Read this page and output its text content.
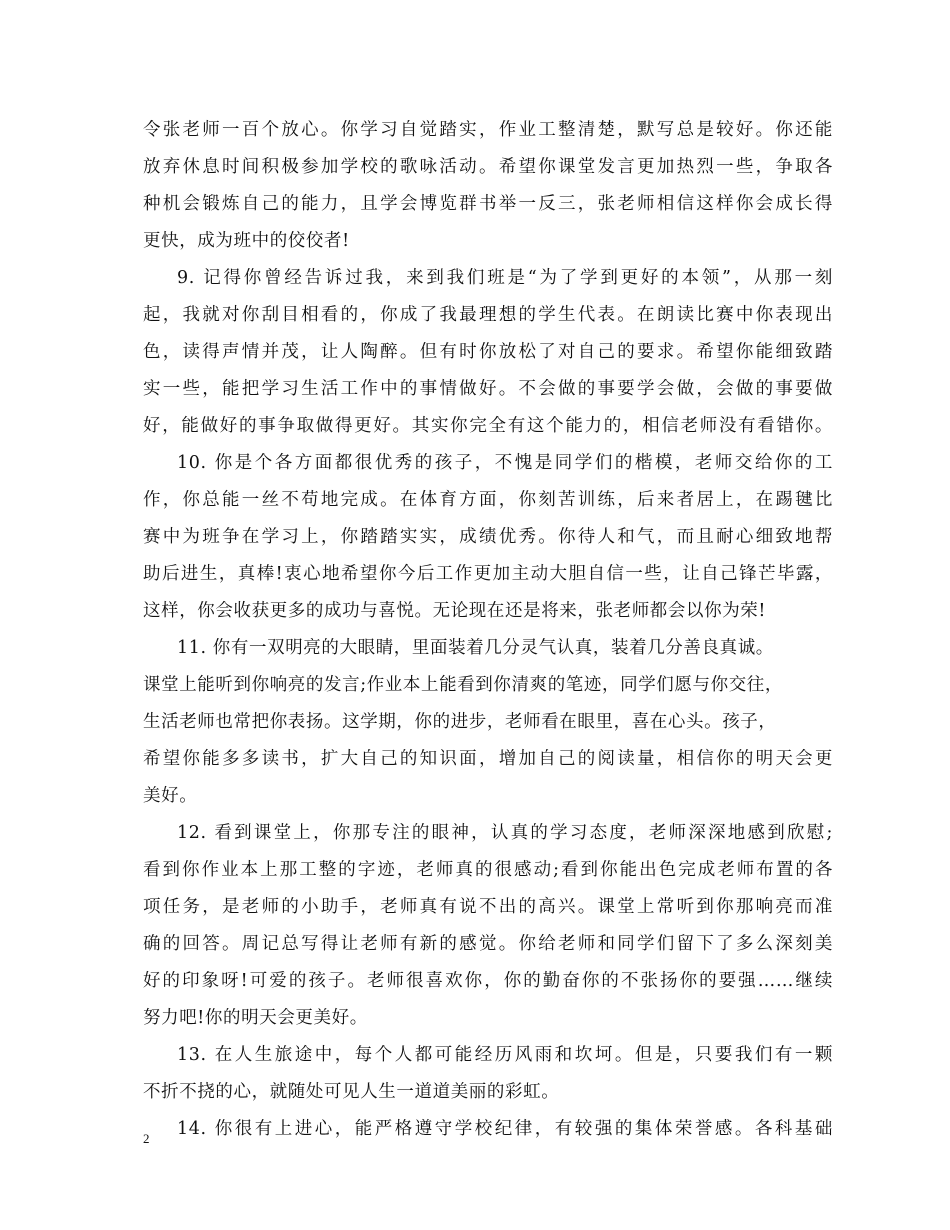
令张老师一百个放心。你学习自觉踏实，作业工整清楚，默写总是较好。你还能
放弃休息时间积极参加学校的歌咏活动。希望你课堂发言更加热烈一些，争取各
种机会锻炼自己的能力，且学会博览群书举一反三，张老师相信这样你会成长得
更快，成为班中的佼佼者!
9. 记得你曾经告诉过我，来到我们班是“为了学到更好的本领”，从那一刻
起，我就对你刮目相看的，你成了我最理想的学生代表。在朗读比赛中你表现出
色，读得声情并茂，让人陶醉。但有时你放松了对自己的要求。希望你能细致踏
实一些，能把学习生活工作中的事情做好。不会做的事要学会做，会做的事要做
好，能做好的事争取做得更好。其实你完全有这个能力的，相信老师没有看错你。
10. 你是个各方面都很优秀的孩子，不愧是同学们的楷模，老师交给你的工
作，你总能一丝不苟地完成。在体育方面，你刻苦训练，后来者居上，在踢毽比
赛中为班争在学习上，你踏踏实实，成绩优秀。你待人和气，而且耐心细致地帮
助后进生，真棒!衷心地希望你今后工作更加主动大胆自信一些，让自己锋芒毕露，
这样，你会收获更多的成功与喜悦。无论现在还是将来，张老师都会以你为荣!
11. 你有一双明亮的大眼睛，里面装着几分灵气认真，装着几分善良真诚。
课堂上能听到你响亮的发言;作业本上能看到你清爽的笔迹，同学们愿与你交往，
生活老师也常把你表扬。这学期，你的进步，老师看在眼里，喜在心头。孩子，
希望你能多多读书，扩大自己的知识面，增加自己的阅读量，相信你的明天会更
美好。
12. 看到课堂上，你那专注的眼神，认真的学习态度，老师深深地感到欣慰;
看到你作业本上那工整的字迹，老师真的很感动;看到你能出色完成老师布置的各
项任务，是老师的小助手，老师真有说不出的高兴。课堂上常听到你那响亮而准
确的回答。周记总写得让老师有新的感觉。你给老师和同学们留下了多么深刻美
好的印象呀!可爱的孩子。老师很喜欢你，你的勤奋你的不张扬你的要强……继续
努力吧!你的明天会更美好。
13. 在人生旅途中，每个人都可能经历风雨和坎坷。但是，只要我们有一颗
不折不挠的心，就随处可见人生一道道美丽的彩虹。
14. 你很有上进心，能严格遵守学校纪律，有较强的集体荣誉感。各科基础
2
